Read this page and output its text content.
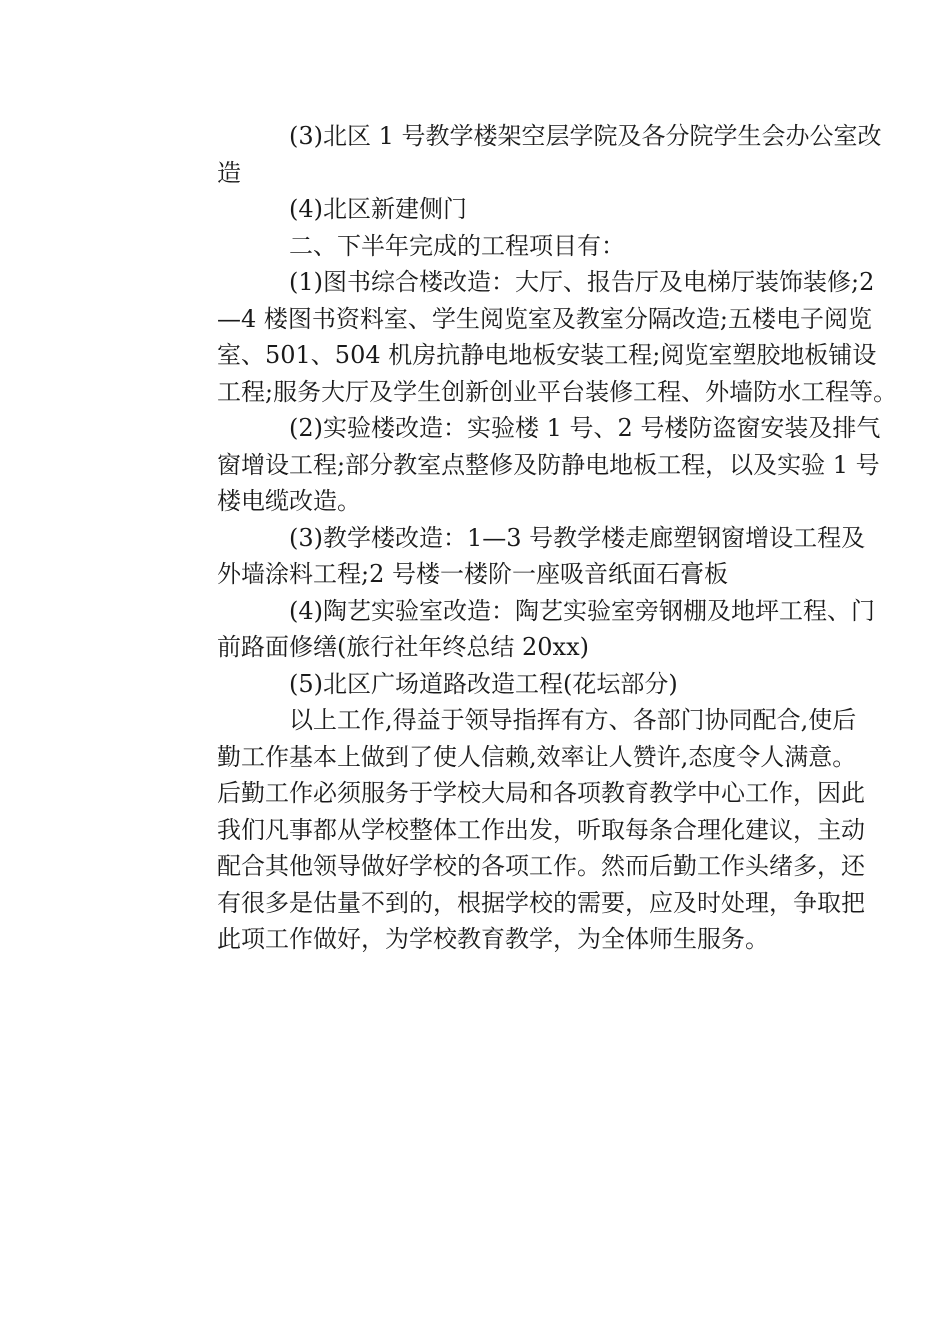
(3)北区 1 号教学楼架空层学院及各分院学生会办公室改
造
(4)北区新建侧门
二、下半年完成的工程项目有：
(1)图书综合楼改造：大厅、报告厅及电梯厅装饰装修;2
—4 楼图书资料室、学生阅览室及教室分隔改造;五楼电子阅览
室、501、504 机房抗静电地板安装工程;阅览室塑胶地板铺设
工程;服务大厅及学生创新创业平台装修工程、外墙防水工程等。
(2)实验楼改造：实验楼 1 号、2 号楼防盗窗安装及排气
窗增设工程;部分教室点整修及防静电地板工程，以及实验 1 号
楼电缆改造。
(3)教学楼改造：1—3 号教学楼走廊塑钢窗增设工程及
外墙涂料工程;2 号楼一楼阶一座吸音纸面石膏板
(4)陶艺实验室改造：陶艺实验室旁钢棚及地坪工程、门
前路面修缮(旅行社年终总结 20xx)
(5)北区广场道路改造工程(花坛部分)
以上工作,得益于领导指挥有方、各部门协同配合,使后
勤工作基本上做到了使人信赖,效率让人赞许,态度令人满意。
后勤工作必须服务于学校大局和各项教育教学中心工作，因此
我们凡事都从学校整体工作出发，听取每条合理化建议，主动
配合其他领导做好学校的各项工作。然而后勤工作头绪多，还
有很多是估量不到的，根据学校的需要，应及时处理，争取把
此项工作做好，为学校教育教学，为全体师生服务。
